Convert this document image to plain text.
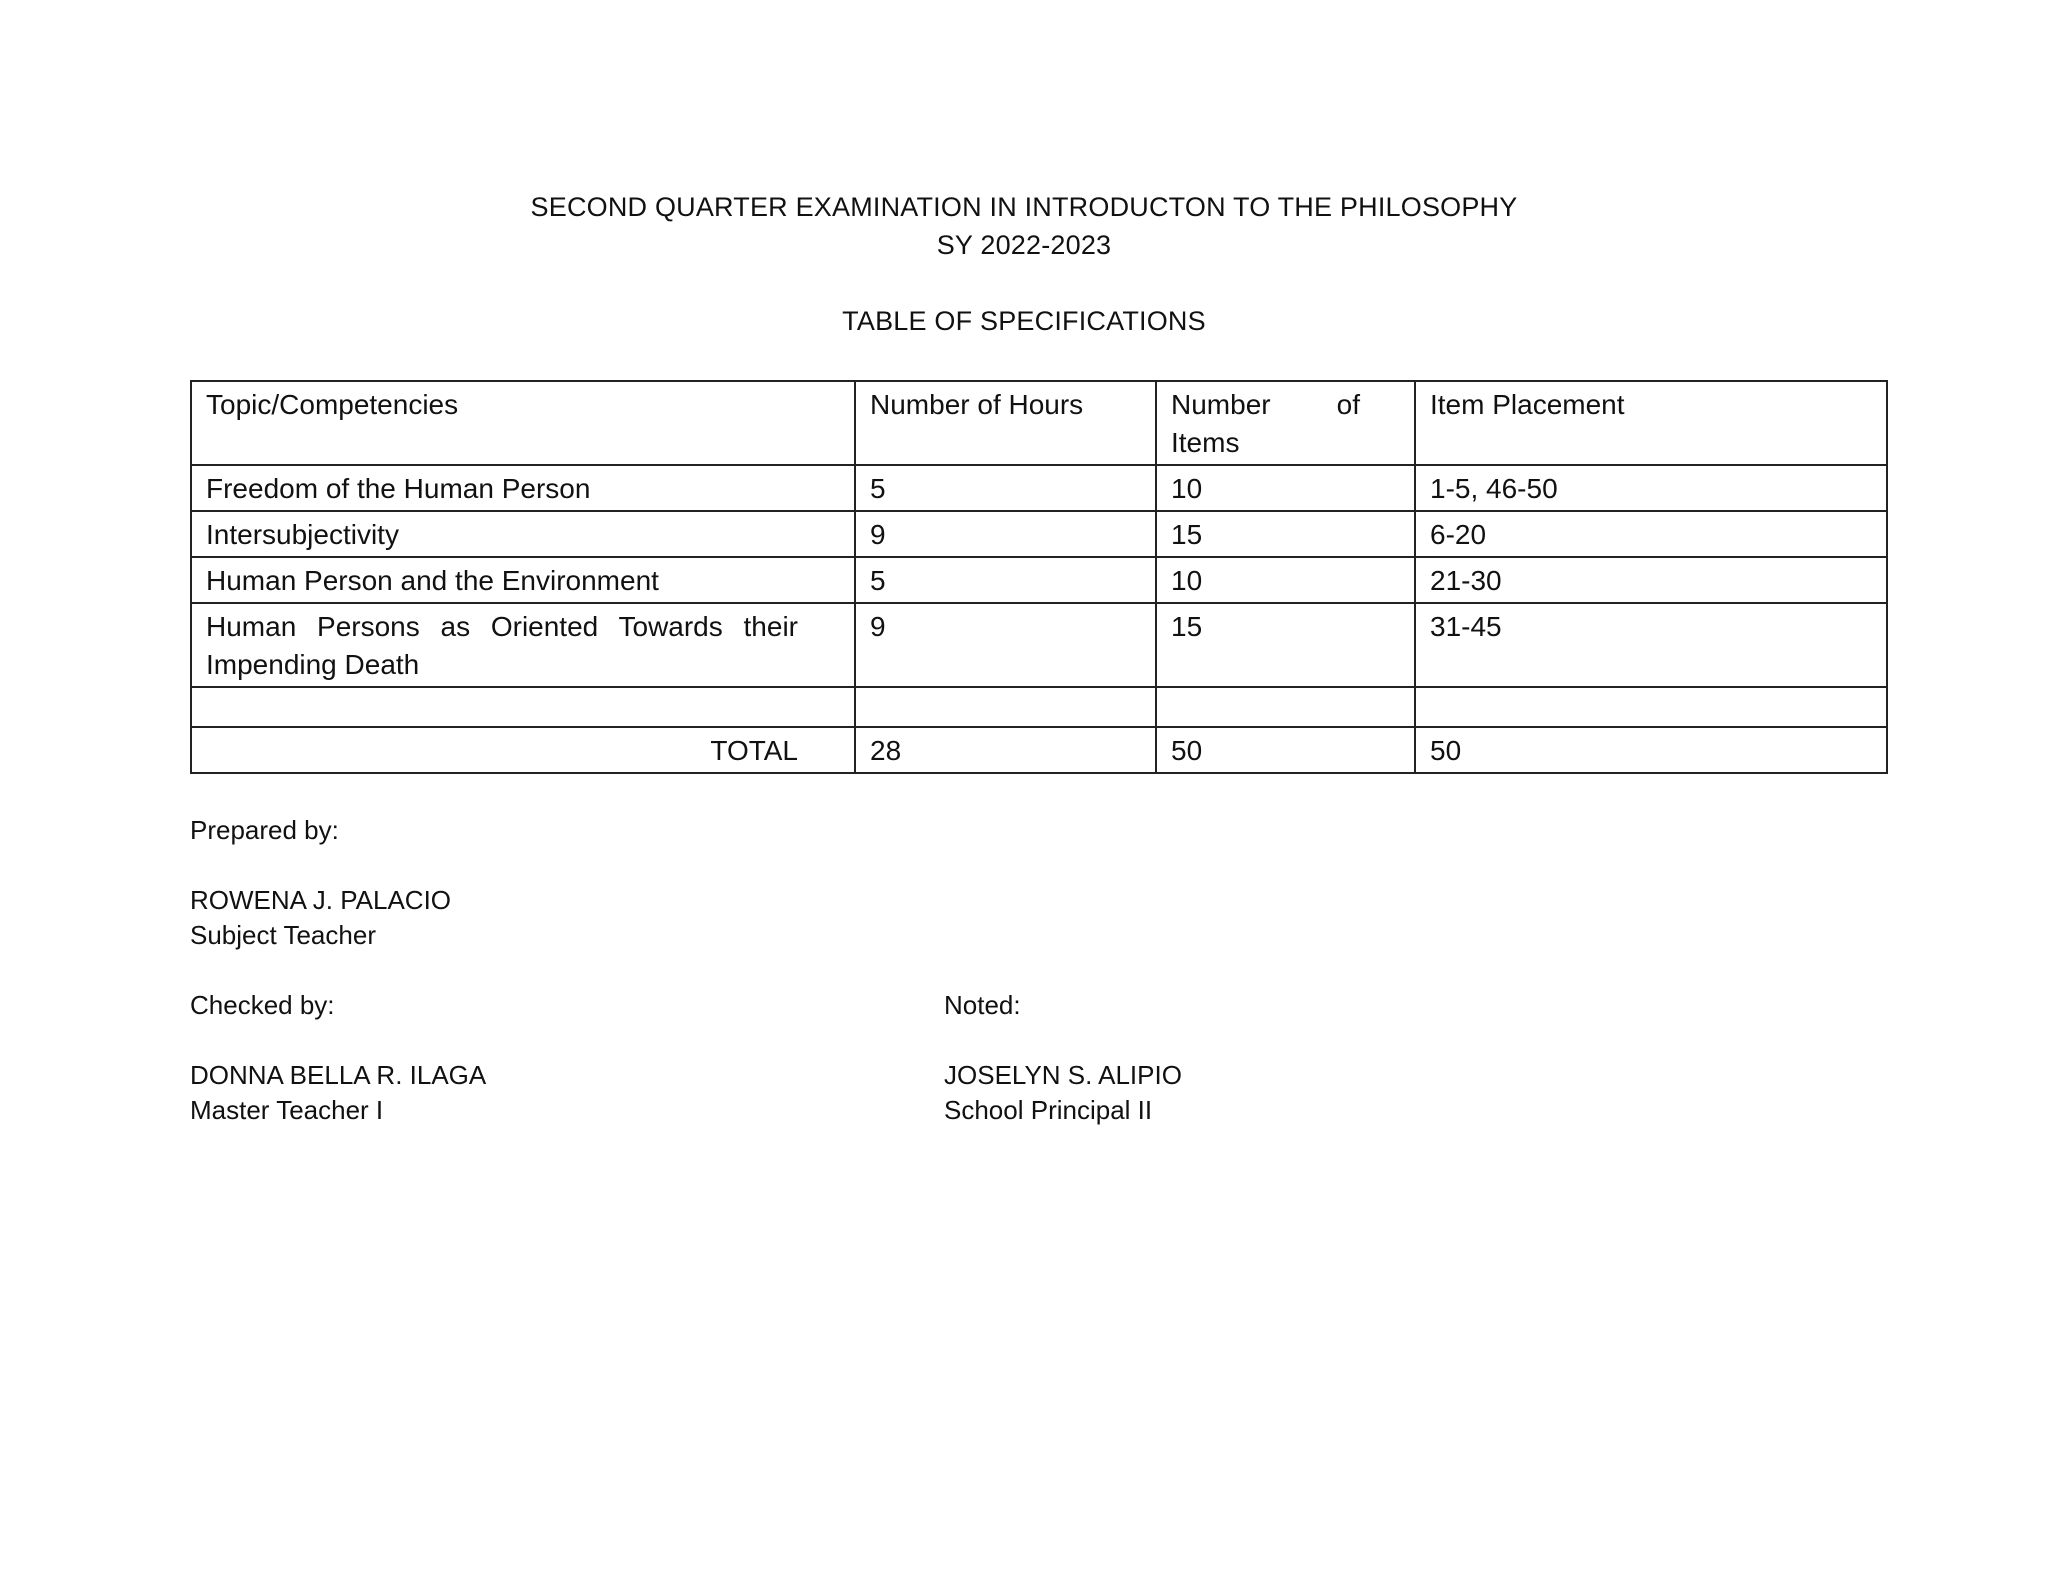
SECOND QUARTER EXAMINATION IN INTRODUCTON TO THE PHILOSOPHY
SY 2022-2023
TABLE OF SPECIFICATIONS
Topic/Competencies	Number of Hours	Number of
Items	Item Placement
Freedom of the Human Person	5	10	1-5, 46-50
Intersubjectivity	9	15	6-20
Human Person and the Environment	5	10	21-30
Human Persons as Oriented Towards their Impending Death	9	15	31-45

TOTAL	28	50	50
Prepared by:
ROWENA J. PALACIO
Subject Teacher
Checked by:
DONNA BELLA R. ILAGA
Master Teacher I
Noted:
JOSELYN S. ALIPIO
School Principal II
